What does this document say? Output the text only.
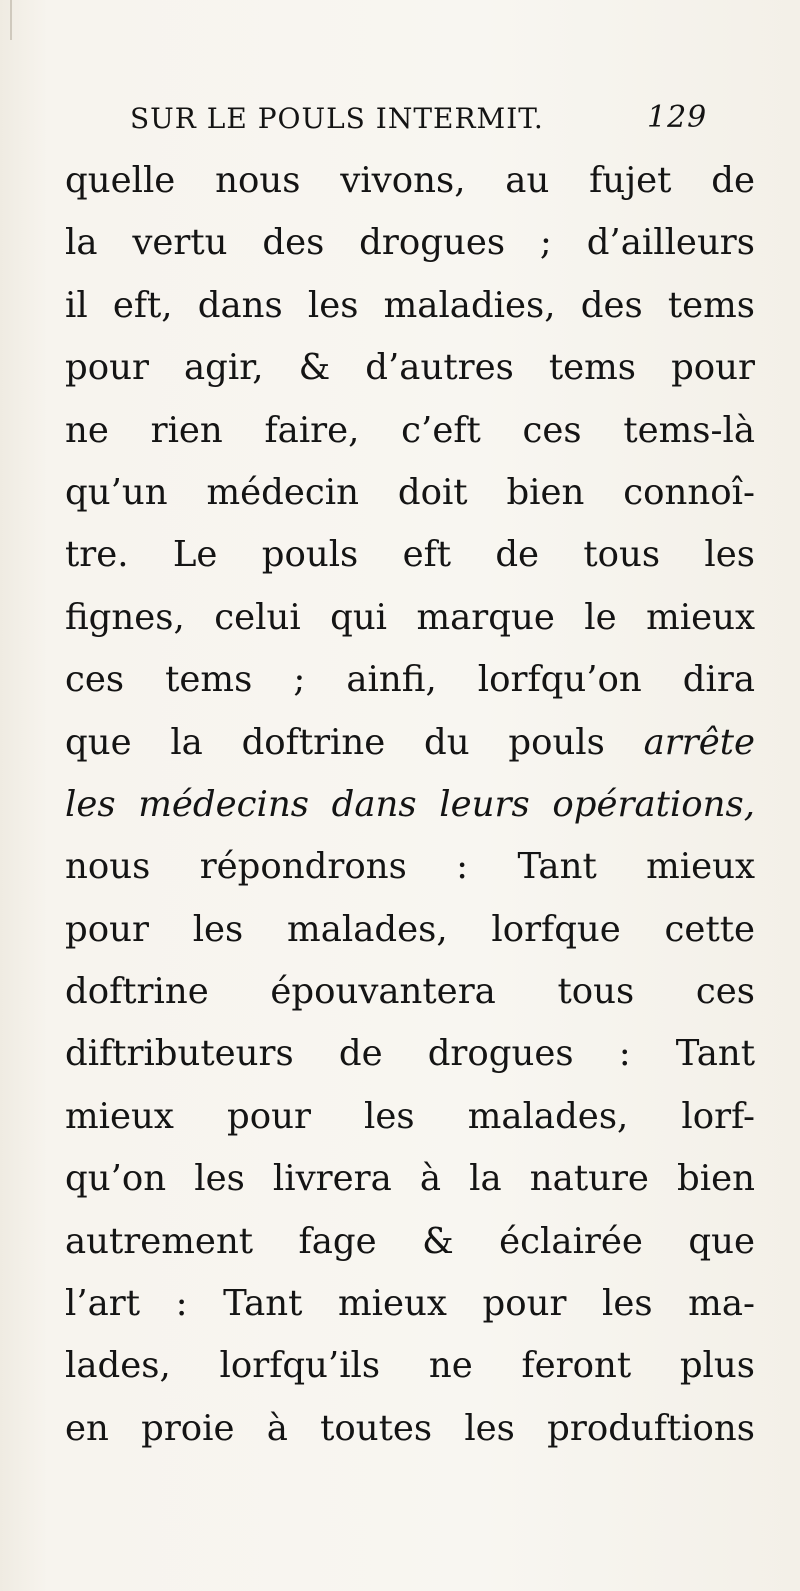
SUR LE POULS INTERMIT.	129
quelle nous vivons, au fujet de
la vertu des drogues ; d’ailleurs
il eft, dans les maladies, des tems
pour agir, & d’autres tems pour
ne rien faire, c’eft ces tems-là
qu’un médecin doit bien connoî-
tre. Le pouls eft de tous les
fignes, celui qui marque le mieux
ces tems ; ainfi, lorfqu’on dira
que la doftrine du pouls arrête
les médecins dans leurs opérations,
nous répondrons : Tant mieux
pour les malades, lorfque cette
doftrine épouvantera tous ces
diftributeurs de drogues : Tant
mieux pour les malades, lorf-
qu’on les livrera à la nature bien
autrement fage & éclairée que
l’art : Tant mieux pour les ma-
lades, lorfqu’ils ne feront plus
en proie à toutes les produftions
